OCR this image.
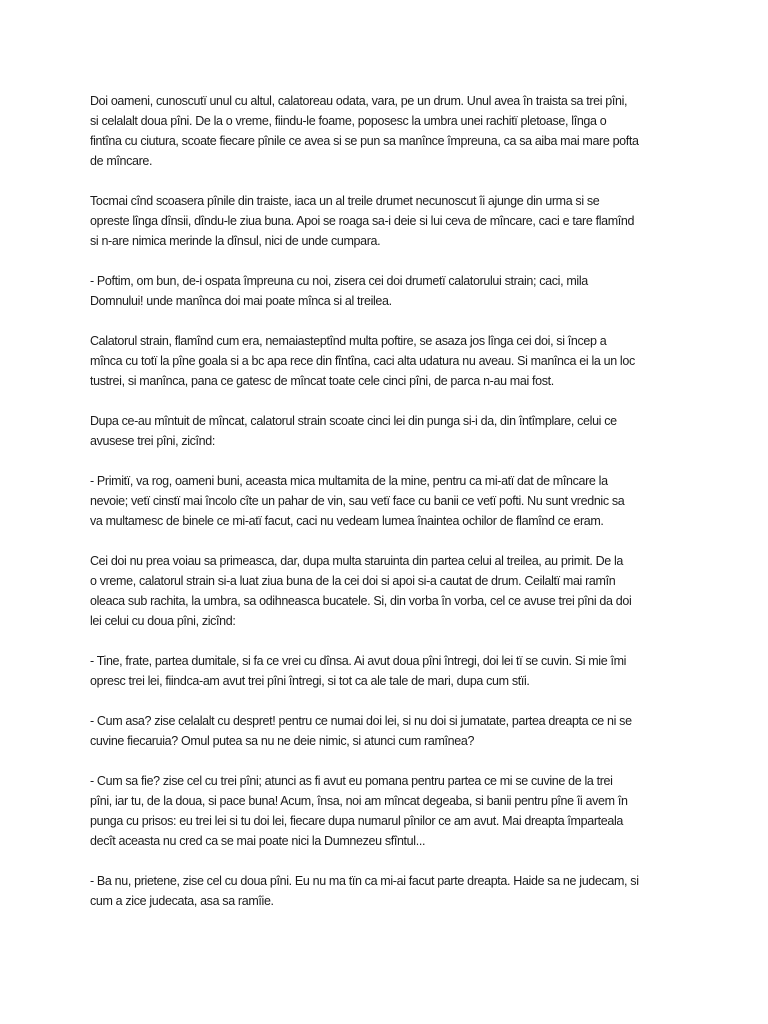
Doi oameni, cunoscutï unul cu altul, calatoreau odata, vara, pe un drum. Unul avea în traista sa trei pîni,
si celalalt doua pîni. De la o vreme, fiindu-le foame, poposesc la umbra unei rachitï pletoase, lînga o
fintîna cu ciutura, scoate fiecare pînile ce avea si se pun sa manînce împreuna, ca sa aiba mai mare pofta
de mîncare.
Tocmai cînd scoasera pînile din traiste, iaca un al treile drumet necunoscut îi ajunge din urma si se
opreste lînga dînsii, dîndu-le ziua buna. Apoi se roaga sa-i deie si lui ceva de mîncare, caci e tare flamînd
si n-are nimica merinde la dînsul, nici de unde cumpara.
- Poftim, om bun, de-i ospata împreuna cu noi, zisera cei doi drumetï calatorului strain; caci, mila
Domnului! unde manînca doi mai poate mînca si al treilea.
Calatorul strain, flamînd cum era, nemaiasteptînd multa poftire, se asaza jos lînga cei doi, si încep a
mînca cu totï la pîne goala si a bc apa rece din fîntîna, caci alta udatura nu aveau. Si manînca ei la un loc
tustrei, si manînca, pana ce gatesc de mîncat toate cele cinci pîni, de parca n-au mai fost.
Dupa ce-au mîntuit de mîncat, calatorul strain scoate cinci lei din punga si-i da, din întîmplare, celui ce
avusese trei pîni, zicînd:
- Primitï, va rog, oameni buni, aceasta mica multamita de la mine, pentru ca mi-atï dat de mîncare la
nevoie; vetï cinstï mai încolo cîte un pahar de vin, sau vetï face cu banii ce vetï pofti. Nu sunt vrednic sa
va multamesc de binele ce mi-atï facut, caci nu vedeam lumea înaintea ochilor de flamînd ce eram.
Cei doi nu prea voiau sa primeasca, dar, dupa multa staruinta din partea celui al treilea, au primit. De la
o vreme, calatorul strain si-a luat ziua buna de la cei doi si apoi si-a cautat de drum. Ceilaltï mai ramîn
oleaca sub rachita, la umbra, sa odihneasca bucatele. Si, din vorba în vorba, cel ce avuse trei pîni da doi
lei celui cu doua pîni, zicînd:
- Tine, frate, partea dumitale, si fa ce vrei cu dînsa. Ai avut doua pîni întregi, doi lei tï se cuvin. Si mie îmi
opresc trei lei, fiindca-am avut trei pîni întregi, si tot ca ale tale de mari, dupa cum stïi.
- Cum asa? zise celalalt cu despret! pentru ce numai doi lei, si nu doi si jumatate, partea dreapta ce ni se
cuvine fiecaruia? Omul putea sa nu ne deie nimic, si atunci cum ramînea?
- Cum sa fie? zise cel cu trei pîni; atunci as fi avut eu pomana pentru partea ce mi se cuvine de la trei
pîni, iar tu, de la doua, si pace buna! Acum, însa, noi am mîncat degeaba, si banii pentru pîne îi avem în
punga cu prisos: eu trei lei si tu doi lei, fiecare dupa numarul pînilor ce am avut. Mai dreapta împarteala
decît aceasta nu cred ca se mai poate nici la Dumnezeu sfîntul...
- Ba nu, prietene, zise cel cu doua pîni. Eu nu ma tïn ca mi-ai facut parte dreapta. Haide sa ne judecam, si
cum a zice judecata, asa sa ramîie.
